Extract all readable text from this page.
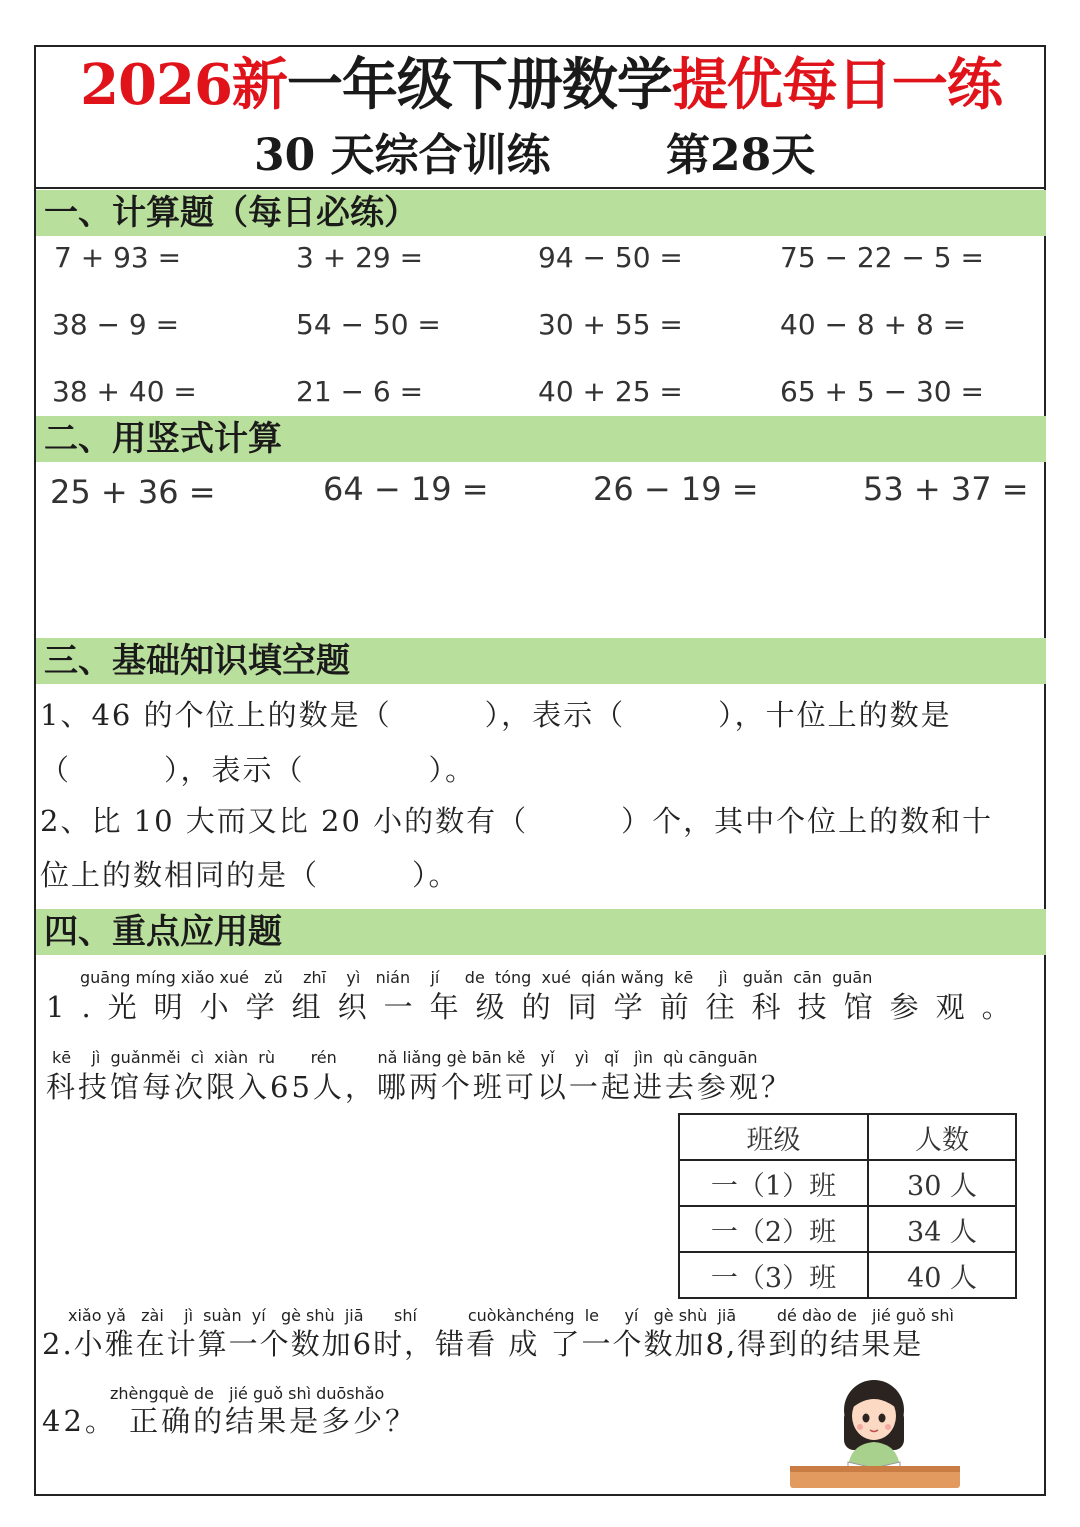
2026新一年级下册数学提优每日一练
30 天综合训练	第28天
一、计算题（每日必练）
7 + 93 =	3 + 29 =	94 − 50 =	75 − 22 − 5 =
38 − 9 =	54 − 50 =	30 + 55 =	40 − 8 + 8 =
38 + 40 =	21 − 6 =	40 + 25 =	65 + 5 − 30 =
二、用竖式计算
25 + 36 =	64 − 19 =	26 − 19 =	53 + 37 =
三、基础知识填空题
1、46 的个位上的数是（　　　），表示（　　　），十位上的数是
（　　　），表示（　　　　）。
2、比 10 大而又比 20 小的数有（　　　）个，其中个位上的数和十
位上的数相同的是（　　　）。
四、重点应用题
guāng míng xiǎo xué   zǔ    zhī    yì   nián    jí     de  tóng  xué  qián wǎng  kē     jì   guǎn  cān  guān
1.光明小学组织一年级的同学前往科技馆参观。
kē    jì  guǎnměi  cì  xiàn  rù       rén        nǎ liǎng gè bān kě   yǐ    yì   qǐ   jìn  qù cānguān
科技馆每次限入65人，哪两个班可以一起进去参观？
班级	人数
一（1）班	30 人
一（2）班	34 人
一（3）班	40 人
xiǎo yǎ   zài    jì  suàn  yí   gè shù  jiā      shí          cuòkànchéng  le     yí   gè shù  jiā        dé dào de   jié guǒ shì
2.小雅在计算一个数加6时，错看 成 了一个数加8,得到的结果是
zhèngquè de   jié guǒ shì duōshǎo
42。 正确的结果是多少？
